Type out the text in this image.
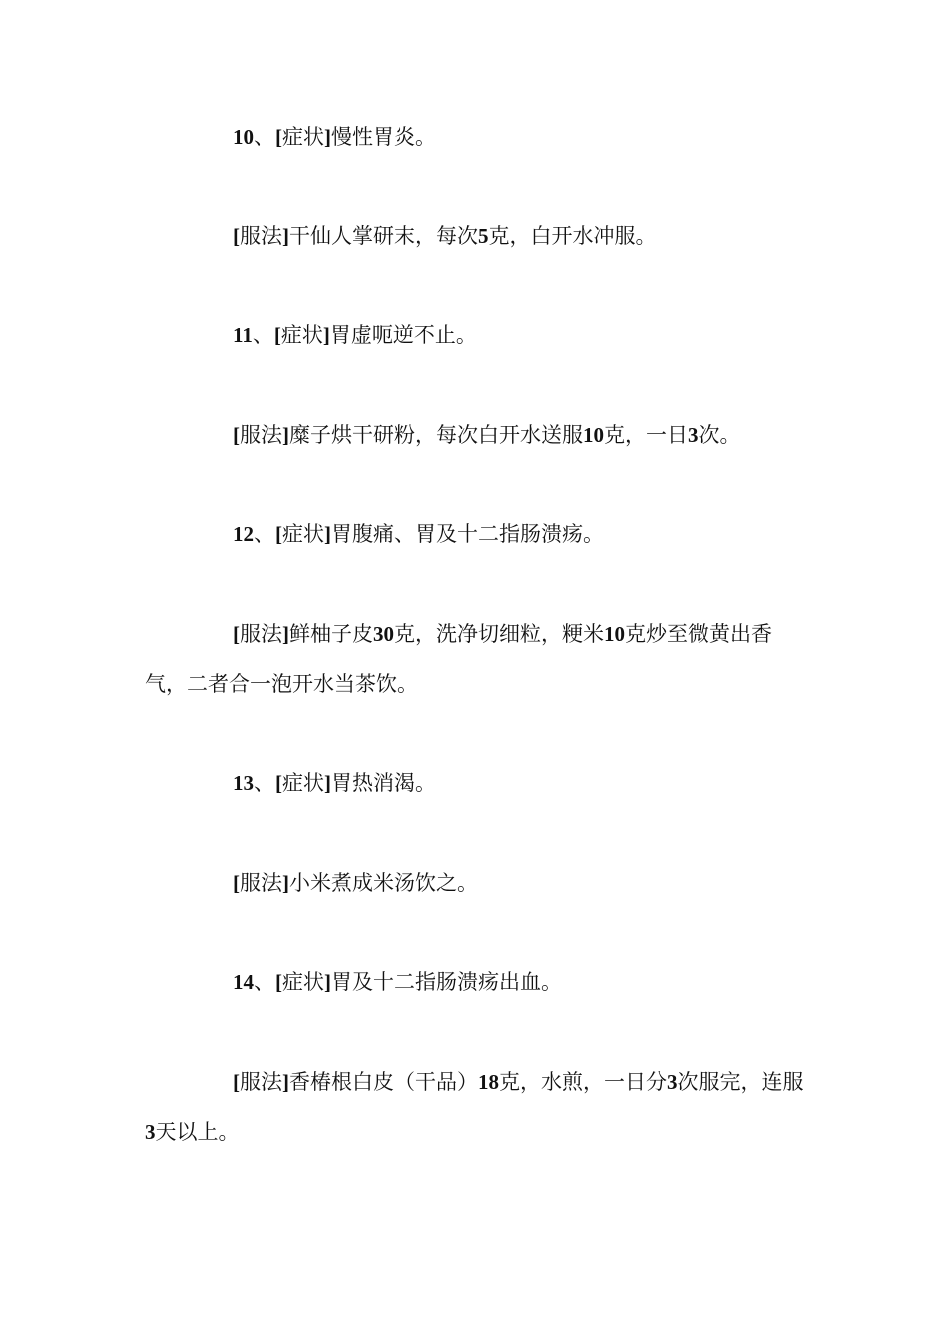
10、[症状]慢性胃炎。

[服法]干仙人掌研末，每次5克，白开水冲服。

11、[症状]胃虚呃逆不止。

[服法]糜子烘干研粉，每次白开水送服10克，一日3次。

12、[症状]胃腹痛、胃及十二指肠溃疡。

[服法]鲜柚子皮30克，洗净切细粒，粳米10克炒至微黄出香气，二者合一泡开水当茶饮。

13、[症状]胃热消渴。

[服法]小米煮成米汤饮之。

14、[症状]胃及十二指肠溃疡出血。

[服法]香椿根白皮（干品）18克，水煎，一日分3次服完，连服3天以上。
